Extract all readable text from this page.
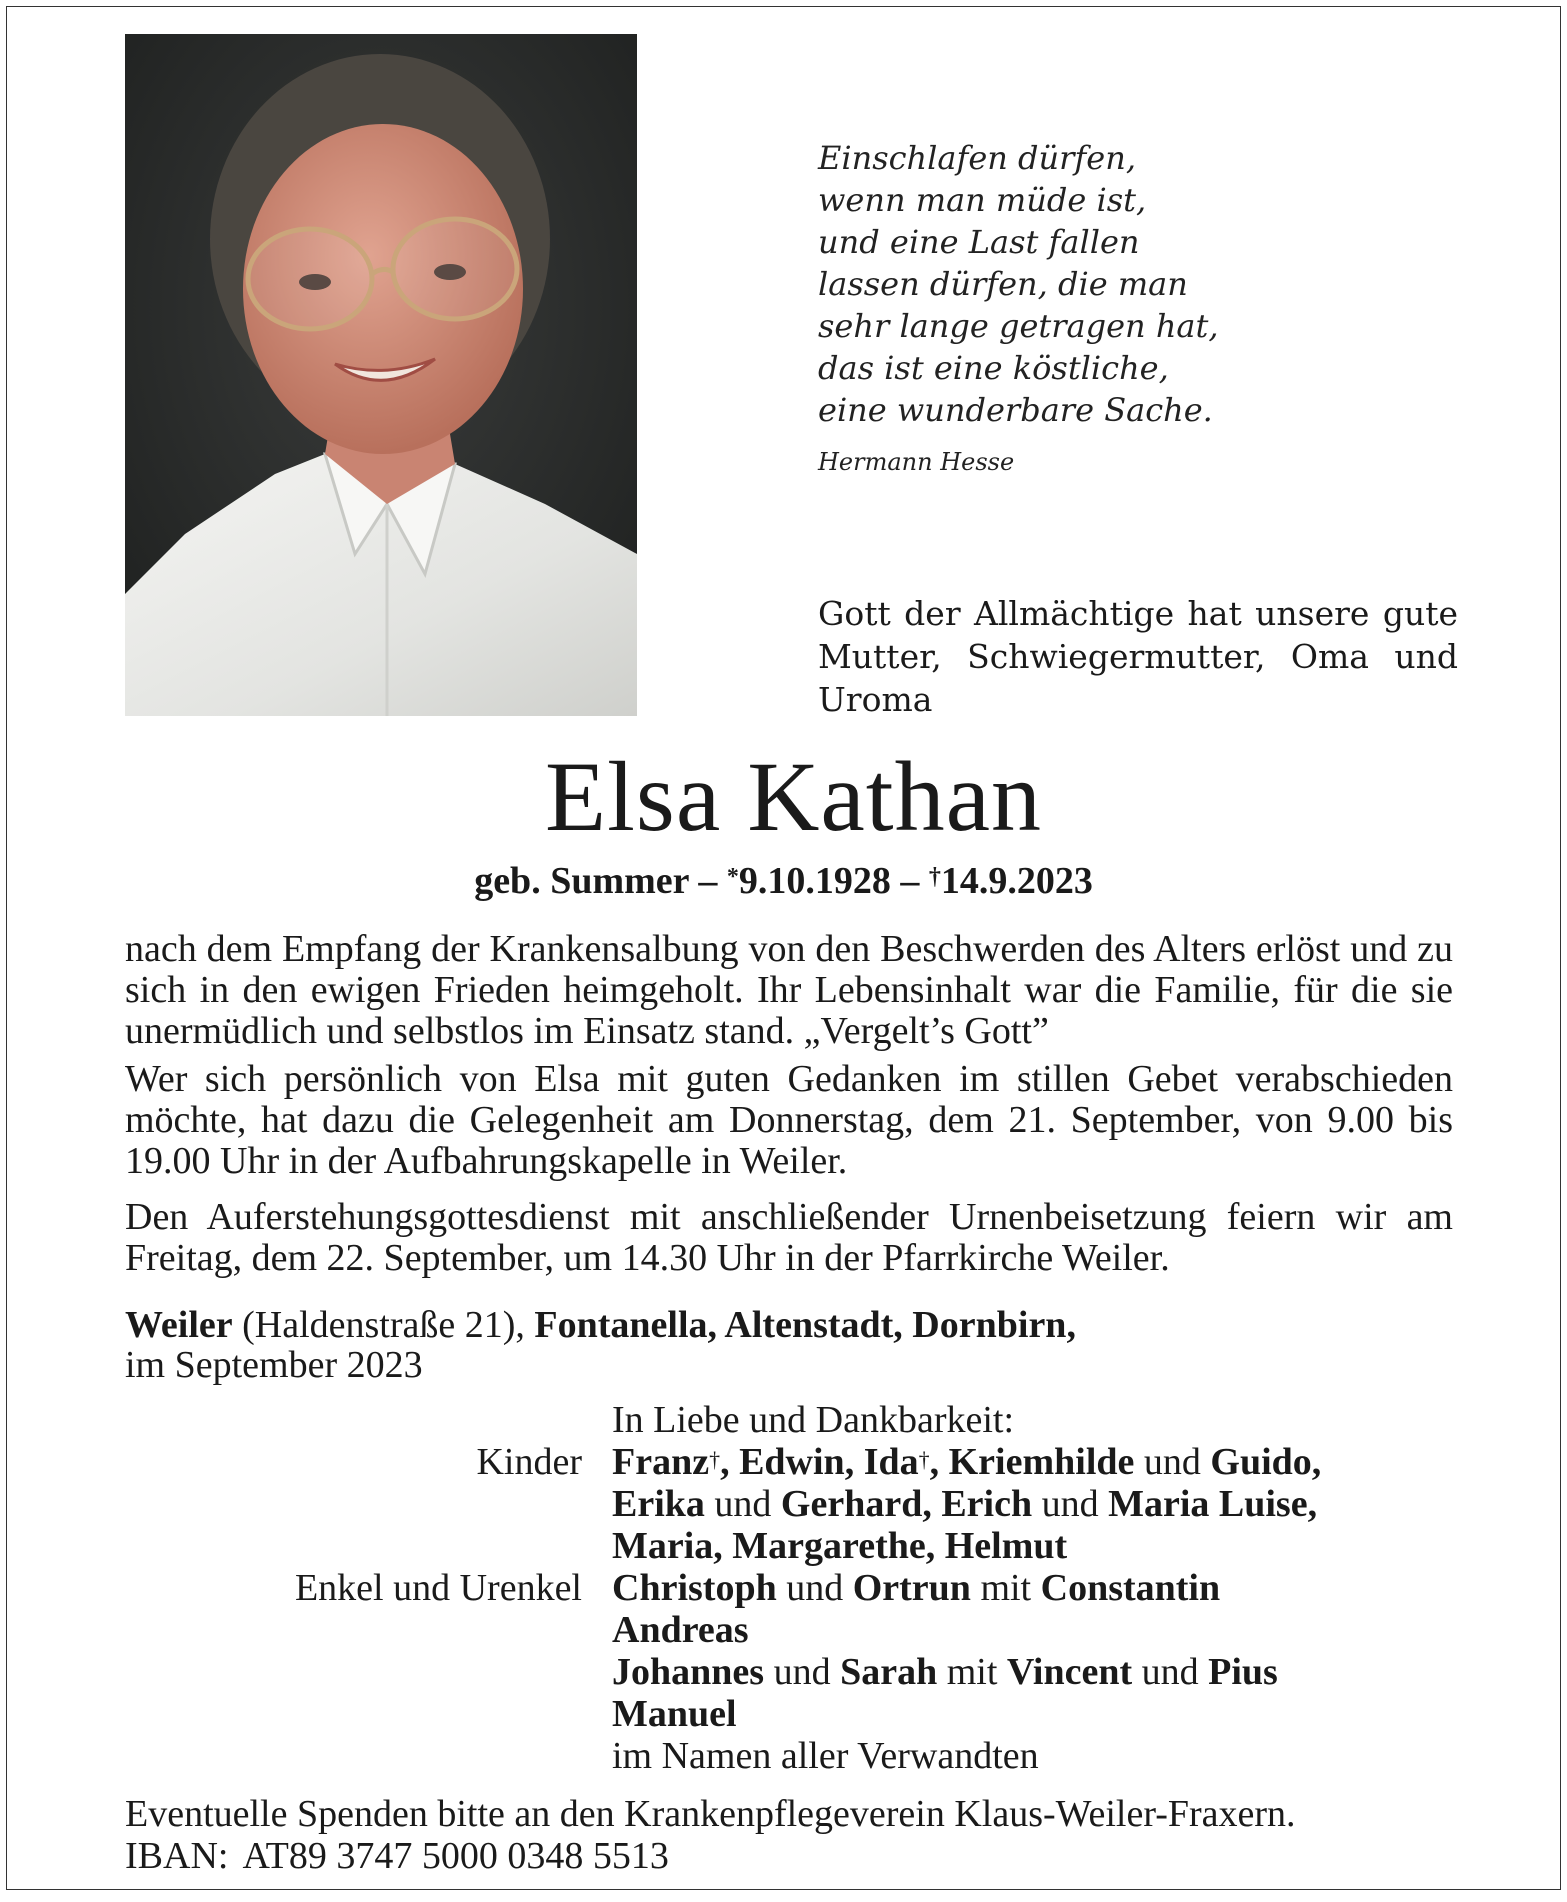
Einschlafen dürfen,
wenn man müde ist,
und eine Last fallen
lassen dürfen, die man
sehr lange getragen hat,
das ist eine köstliche,
eine wunderbare Sache.
Hermann Hesse
Gott der Allmächtige hat unsere gute Mutter, Schwiegermutter, Oma und Uroma
Elsa Kathan
geb. Summer – *9.10.1928 – †14.9.2023
nach dem Empfang der Krankensalbung von den Beschwerden des Alters erlöst und zu sich in den ewigen Frieden heimgeholt. Ihr Lebensinhalt war die Familie, für die sie unermüdlich und selbstlos im Einsatz stand. „Vergelt’s Gott”
Wer sich persönlich von Elsa mit guten Gedanken im stillen Gebet verabschieden möchte, hat dazu die Gelegenheit am Donnerstag, dem 21. September, von 9.00 bis 19.00 Uhr in der Aufbahrungskapelle in Weiler.
Den Auferstehungsgottesdienst mit anschließender Urnenbeisetzung feiern wir am Freitag, dem 22. September, um 14.30 Uhr in der Pfarrkirche Weiler.
Weiler (Haldenstraße 21), Fontanella, Altenstadt, Dornbirn,
im September 2023
Kinder
Enkel und Urenkel
In Liebe und Dankbarkeit:
Franz†, Edwin, Ida†, Kriemhilde und Guido,
Erika und Gerhard, Erich und Maria Luise,
Maria, Margarethe, Helmut
Christoph und Ortrun mit Constantin
Andreas
Johannes und Sarah mit Vincent und Pius
Manuel
im Namen aller Verwandten
Eventuelle Spenden bitte an den Krankenpflegeverein Klaus-Weiler-Fraxern.
IBAN: AT89 3747 5000 0348 5513
